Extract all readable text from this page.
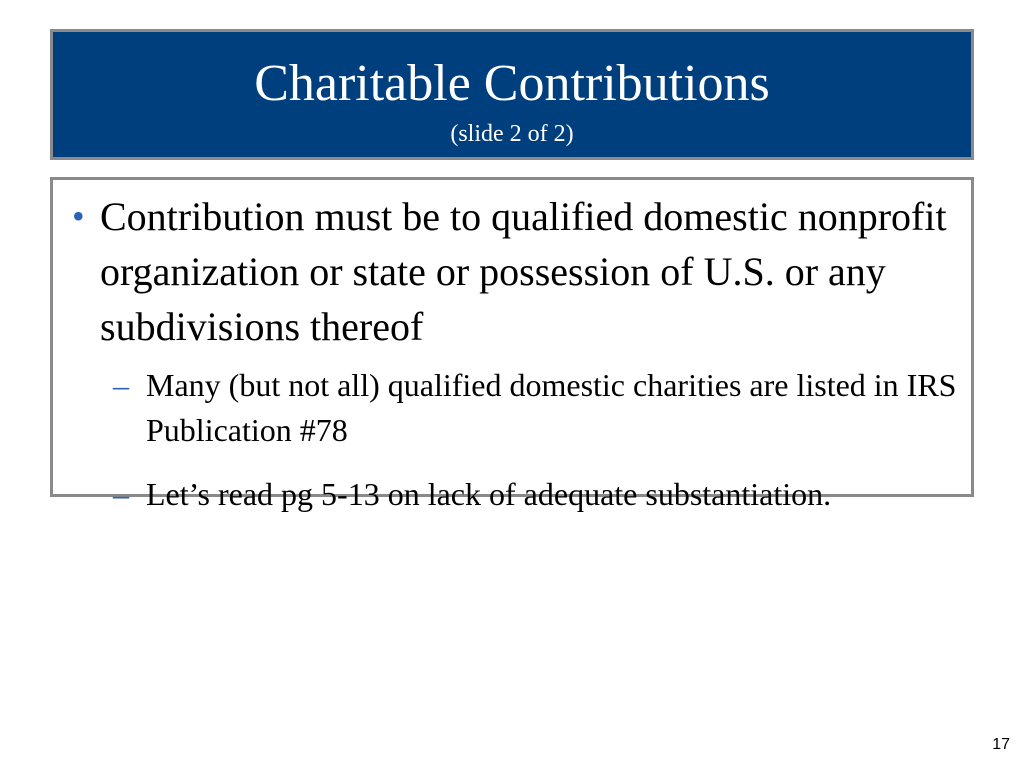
Charitable Contributions
(slide 2 of 2)
• Contribution must be to qualified domestic nonprofit organization or state or possession of U.S. or any subdivisions thereof
– Many (but not all) qualified domestic charities are listed in IRS Publication #78
– Let’s read pg 5-13 on lack of adequate substantiation.
17
